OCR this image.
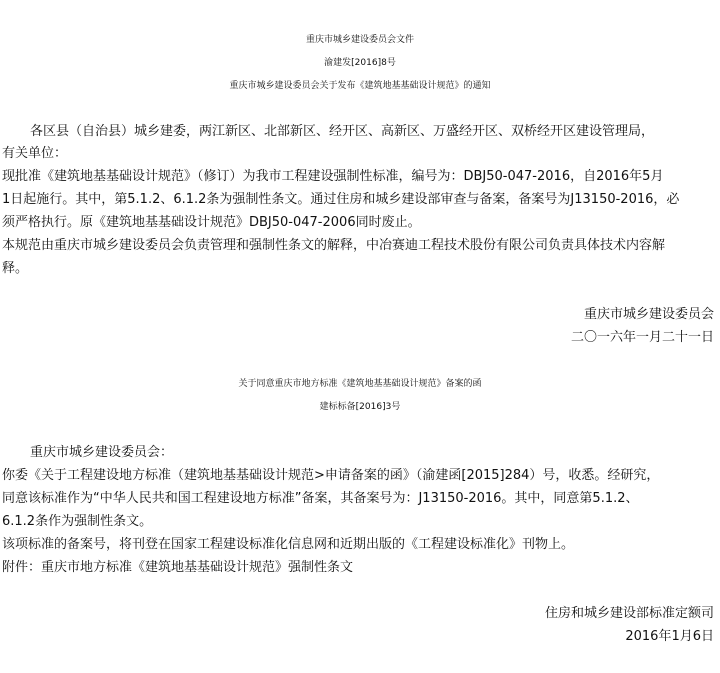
重庆市城乡建设委员会文件
渝建发[2016]8号
重庆市城乡建设委员会关于发布《建筑地基基础设计规范》的通知
各区县（自治县）城乡建委，两江新区、北部新区、经开区、高新区、万盛经开区、双桥经开区建设管理局，
有关单位：
现批准《建筑地基基础设计规范》（修订）为我市工程建设强制性标准，编号为：DBJ50-047-2016，自2016年5月
1日起施行。其中，第5.1.2、6.1.2条为强制性条文。通过住房和城乡建设部审查与备案，备案号为J13150-2016，必
须严格执行。原《建筑地基基础设计规范》DBJ50-047-2006同时废止。
本规范由重庆市城乡建设委员会负责管理和强制性条文的解释，中冶赛迪工程技术股份有限公司负责具体技术内容解
释。
重庆市城乡建设委员会
二〇一六年一月二十一日
关于同意重庆市地方标准《建筑地基基础设计规范》备案的函
建标标备[2016]3号
重庆市城乡建设委员会：
你委《关于工程建设地方标准（建筑地基基础设计规范>申请备案的函》（渝建函[2015]284）号，收悉。经研究，
同意该标准作为“中华人民共和国工程建设地方标准”备案，其备案号为：J13150-2016。其中，同意第5.1.2、
6.1.2条作为强制性条文。
该项标准的备案号，将刊登在国家工程建设标准化信息网和近期出版的《工程建设标准化》刊物上。
附件：重庆市地方标准《建筑地基基础设计规范》强制性条文
住房和城乡建设部标准定额司
2016年1月6日
